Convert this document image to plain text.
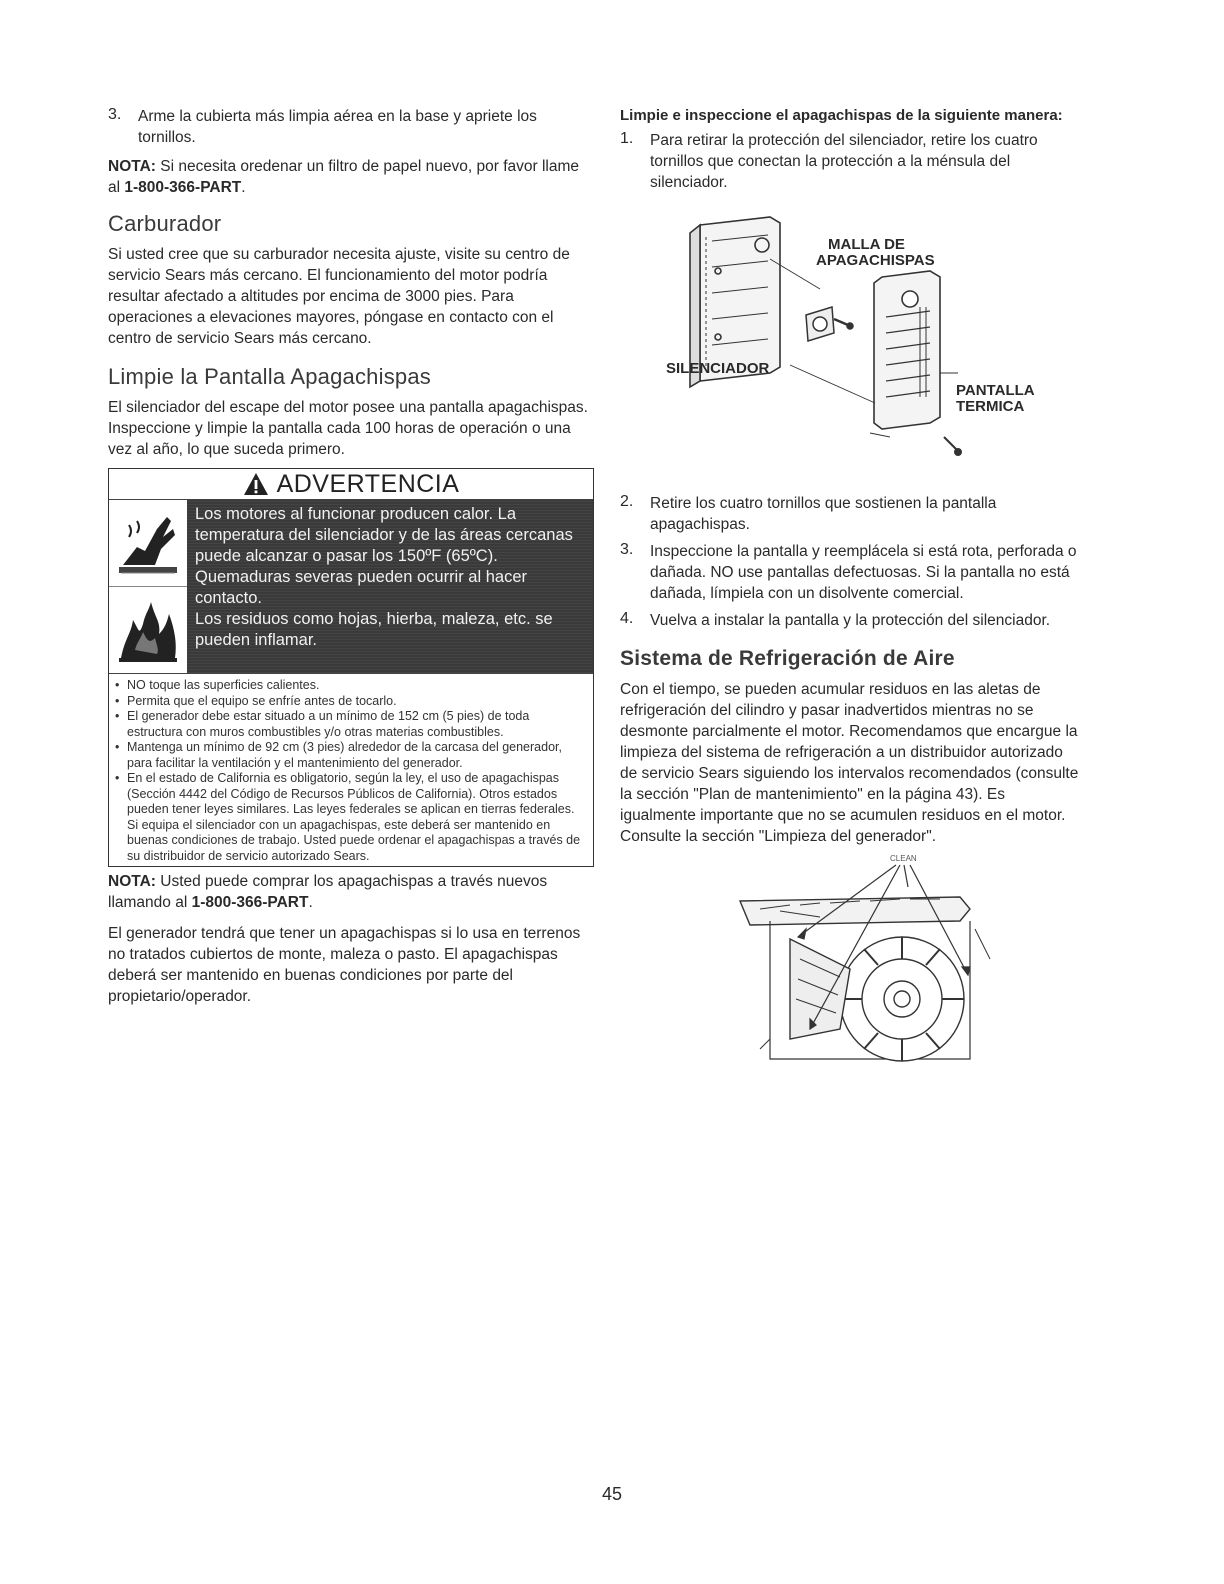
3.	Arme la cubierta más limpia aérea en la base y apriete los tornillos.

NOTA: Si necesita oredenar un filtro de papel nuevo, por favor llame al 1-800-366-PART.

Carburador

Si usted cree que su carburador necesita ajuste, visite su centro de servicio Sears más cercano. El funcionamiento del motor podría resultar afectado a altitudes por encima de 3000 pies. Para operaciones a elevaciones mayores, póngase en contacto con el centro de servicio Sears más cercano.

Limpie la Pantalla Apagachispas

El silenciador del escape del motor posee una pantalla apagachispas. Inspeccione y limpie la pantalla cada 100 horas de operación o una vez al año, lo que suceda primero.

ADVERTENCIA
Los motores al funcionar producen calor. La
temperatura del silenciador y de las áreas cercanas
puede alcanzar o pasar los 150ºF (65ºC).
Quemaduras severas pueden ocurrir al hacer
contacto.
Los residuos como hojas, hierba, maleza, etc. se
pueden inflamar.
• NO toque las superficies calientes.
• Permita que el equipo se enfríe antes de tocarlo.
• El generador debe estar situado a un mínimo de 152 cm (5 pies) de toda estructura con muros combustibles y/o otras materias combustibles.
• Mantenga un mínimo de 92 cm (3 pies) alrededor de la carcasa del generador, para facilitar la ventilación y el mantenimiento del generador.
• En el estado de California es obligatorio, según la ley, el uso de apagachispas (Sección 4442 del Código de Recursos Públicos de California). Otros estados pueden tener leyes similares. Las leyes federales se aplican en tierras federales. Si equipa el silenciador con un apagachispas, este deberá ser mantenido en buenas condiciones de trabajo. Usted puede ordenar el apagachispas a través de su distribuidor de servicio autorizado Sears.

NOTA: Usted puede comprar los apagachispas a través nuevos llamando al 1-800-366-PART.

El generador tendrá que tener un apagachispas si lo usa en terrenos no tratados cubiertos de monte, maleza o pasto. El apagachispas deberá ser mantenido en buenas condiciones por parte del propietario/operador.

Limpie e inspeccione el apagachispas de la siguiente manera:

1.	Para retirar la protección del silenciador, retire los cuatro tornillos que conectan la protección a la ménsula del silenciador.

MALLA DE
APAGACHISPAS
SILENCIADOR
PANTALLA
TERMICA
2.	Retire los cuatro tornillos que sostienen la pantalla apagachispas.

3.	Inspeccione la pantalla y reemplácela si está rota, perforada o dañada. NO use pantallas defectuosas. Si la pantalla no está dañada, límpiela con un disolvente comercial.

4.	Vuelva a instalar la pantalla y la protección del silenciador.

Sistema de Refrigeración de Aire

Con el tiempo, se pueden acumular residuos en las aletas de refrigeración del cilindro y pasar inadvertidos mientras no se desmonte parcialmente el motor. Recomendamos que encargue la limpieza del sistema de refrigeración a un distribuidor autorizado de servicio Sears siguiendo los intervalos recomendados (consulte la sección "Plan de mantenimiento" en la página 43). Es igualmente importante que no se acumulen residuos en el motor. Consulte la sección "Limpieza del generador".

CLEAN
45
